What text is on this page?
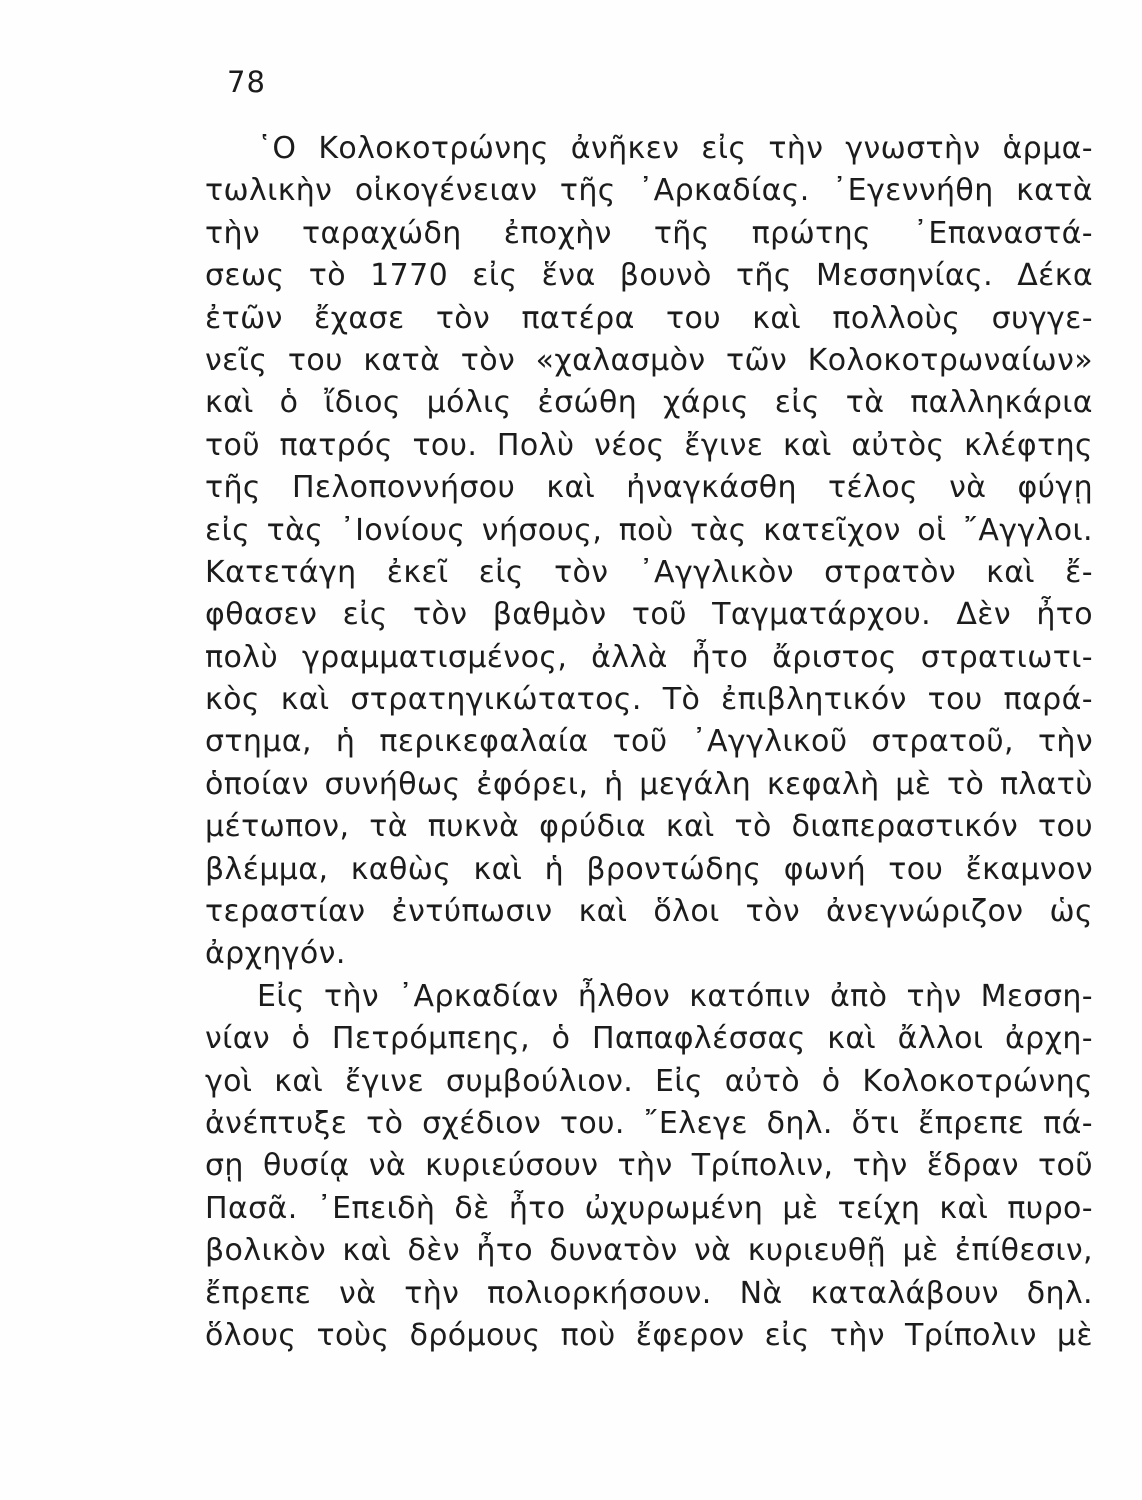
78
῾Ο Κολοκοτρώνης ἀνῆκεν εἰς τὴν γνωστὴν ἁρμα-
τωλικὴν οἰκογένειαν τῆς ᾿Αρκαδίας. ᾿Εγεννήθη κατὰ
τὴν ταραχώδη ἐποχὴν τῆς πρώτης ᾿Επαναστά-
σεως τὸ 1770 εἰς ἕνα βουνὸ τῆς Μεσσηνίας. Δέκα
ἐτῶν ἔχασε τὸν πατέρα του καὶ πολλοὺς συγγε-
νεῖς του κατὰ τὸν «χαλασμὸν τῶν Κολοκοτρωναίων»
καὶ ὁ ἴδιος μόλις ἐσώθη χάρις εἰς τὰ παλληκάρια
τοῦ πατρός του. Πολὺ νέος ἔγινε καὶ αὐτὸς κλέφτης
τῆς Πελοποννήσου καὶ ἠναγκάσθη τέλος νὰ φύγῃ
εἰς τὰς ᾿Ιονίους νήσους, ποὺ τὰς κατεῖχον οἱ ῎Αγγλοι.
Κατετάγη ἐκεῖ εἰς τὸν ᾿Αγγλικὸν στρατὸν καὶ ἔ-
φθασεν εἰς τὸν βαθμὸν τοῦ Ταγματάρχου. Δὲν ἦτο
πολὺ γραμματισμένος, ἀλλὰ ἦτο ἄριστος στρατιωτι-
κὸς καὶ στρατηγικώτατος. Τὸ ἐπιβλητικόν του παρά-
στημα, ἡ περικεφαλαία τοῦ ᾿Αγγλικοῦ στρατοῦ, τὴν
ὁποίαν συνήθως ἐφόρει, ἡ μεγάλη κεφαλὴ μὲ τὸ πλατὺ
μέτωπον, τὰ πυκνὰ φρύδια καὶ τὸ διαπεραστικόν του
βλέμμα, καθὼς καὶ ἡ βροντώδης φωνή του ἔκαμνον
τεραστίαν ἐντύπωσιν καὶ ὅλοι τὸν ἀνεγνώριζον ὡς
ἀρχηγόν.
Εἰς τὴν ᾿Αρκαδίαν ἦλθον κατόπιν ἀπὸ τὴν Μεσση-
νίαν ὁ Πετρόμπεης, ὁ Παπαφλέσσας καὶ ἄλλοι ἀρχη-
γοὶ καὶ ἔγινε συμβούλιον. Εἰς αὐτὸ ὁ Κολοκοτρώνης
ἀνέπτυξε τὸ σχέδιον του. ῎Ελεγε δηλ. ὅτι ἔπρεπε πά-
σῃ θυσίᾳ νὰ κυριεύσουν τὴν Τρίπολιν, τὴν ἕδραν τοῦ
Πασᾶ. ᾿Επειδὴ δὲ ἦτο ὠχυρωμένη μὲ τείχη καὶ πυρο-
βολικὸν καὶ δὲν ἦτο δυνατὸν νὰ κυριευθῇ μὲ ἐπίθεσιν,
ἔπρεπε νὰ τὴν πολιορκήσουν. Νὰ καταλάβουν δηλ.
ὅλους τοὺς δρόμους ποὺ ἔφερον εἰς τὴν Τρίπολιν μὲ
